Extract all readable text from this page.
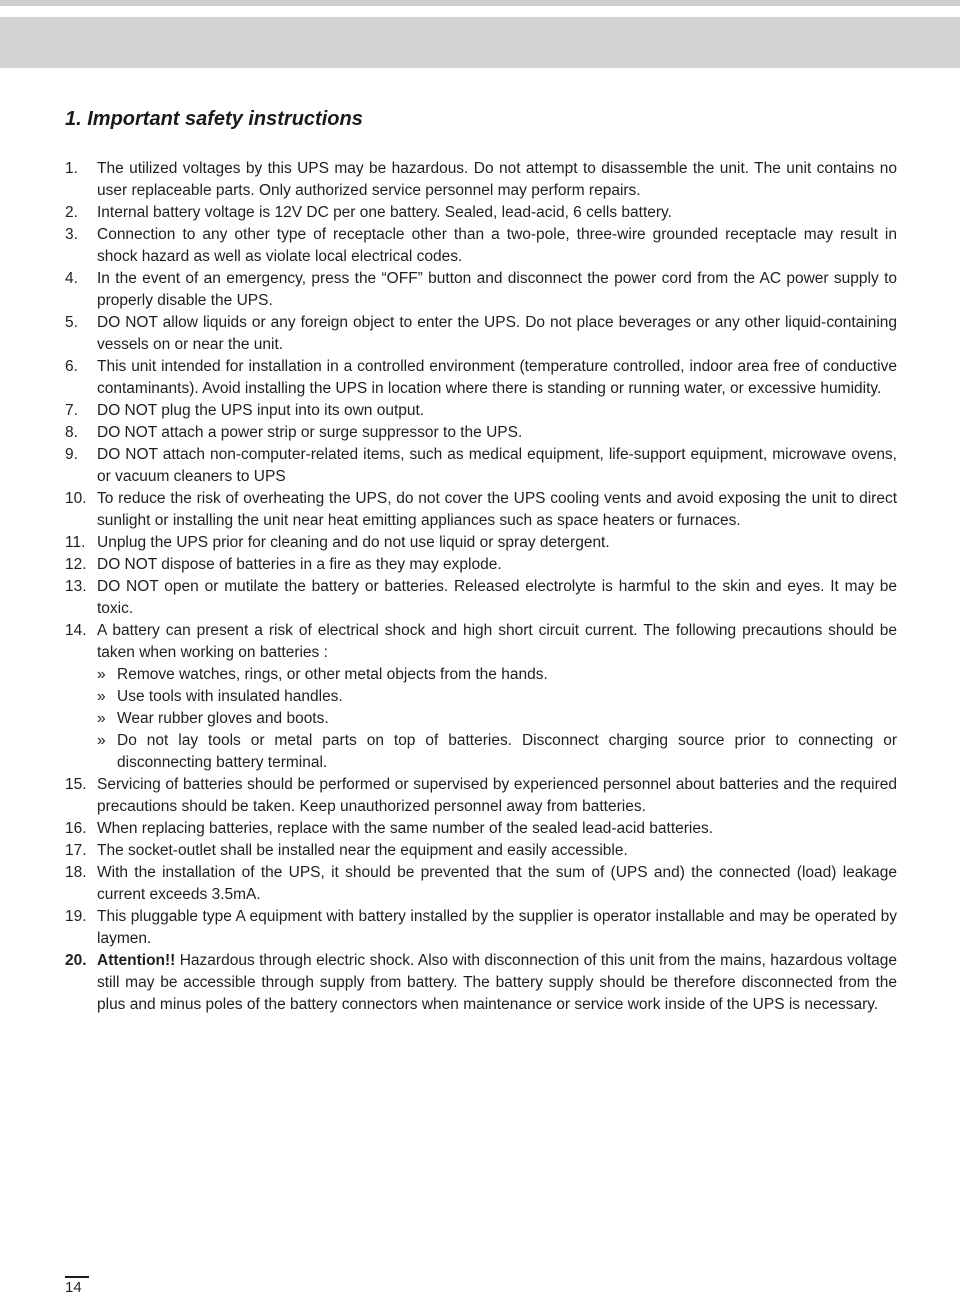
1. Important safety instructions
1.	The utilized voltages by this UPS may be hazardous. Do not attempt to disassemble the unit. The unit contains no user replaceable parts. Only authorized service personnel may perform repairs.
2.	Internal battery voltage is 12V DC per one battery. Sealed, lead-acid, 6 cells battery.
3.	Connection to any other type of receptacle other than a two-pole, three-wire grounded receptacle may result in shock hazard as well as violate local electrical codes.
4.	In the event of an emergency, press the “OFF” button and disconnect the power cord from the AC power supply to properly disable the UPS.
5.	DO NOT allow liquids or any foreign object to enter the UPS. Do not place beverages or any other liquid-containing vessels on or near the unit.
6.	This unit intended for installation in a controlled environment (temperature controlled, indoor area free of conductive contaminants). Avoid installing the UPS in location where there is standing or running water, or excessive humidity.
7.	DO NOT plug the UPS input into its own output.
8.	DO NOT attach a power strip or surge suppressor to the UPS.
9.	DO NOT attach non-computer-related items, such as medical equipment, life-support equipment, microwave ovens, or vacuum cleaners to UPS
10. To reduce the risk of overheating the UPS, do not cover the UPS cooling vents and avoid exposing the unit to direct sunlight or installing the unit near heat emitting appliances such as space heaters or furnaces.
11. Unplug the UPS prior for cleaning and do not use liquid or spray detergent.
12. DO NOT dispose of batteries in a fire as they may explode.
13. DO NOT open or mutilate the battery or batteries. Released electrolyte is harmful to the skin and eyes. It may be toxic.
14. A battery can present a risk of electrical shock and high short circuit current. The following precautions should be taken when working on batteries :
» Remove watches, rings, or other metal objects from the hands.
» Use tools with insulated handles.
» Wear rubber gloves and boots.
» Do not lay tools or metal parts on top of batteries. Disconnect charging source prior to connecting or disconnecting battery terminal.
15. Servicing of batteries should be performed or supervised by experienced personnel about batteries and the required precautions should be taken. Keep unauthorized personnel away from batteries.
16. When replacing batteries, replace with the same number of the sealed lead-acid batteries.
17. The socket-outlet shall be installed near the equipment and easily accessible.
18. With the installation of the UPS, it should be prevented that the sum of (UPS and) the connected (load) leakage current exceeds 3.5mA.
19. This pluggable type A equipment with battery installed by the supplier is operator installable and may be operated by laymen.
20. Attention!! Hazardous through electric shock. Also with disconnection of this unit from the mains, hazardous voltage still may be accessible through supply from battery. The battery supply should be therefore disconnected from the plus and minus poles of the battery connectors when maintenance or service work inside of the UPS is necessary.
14
